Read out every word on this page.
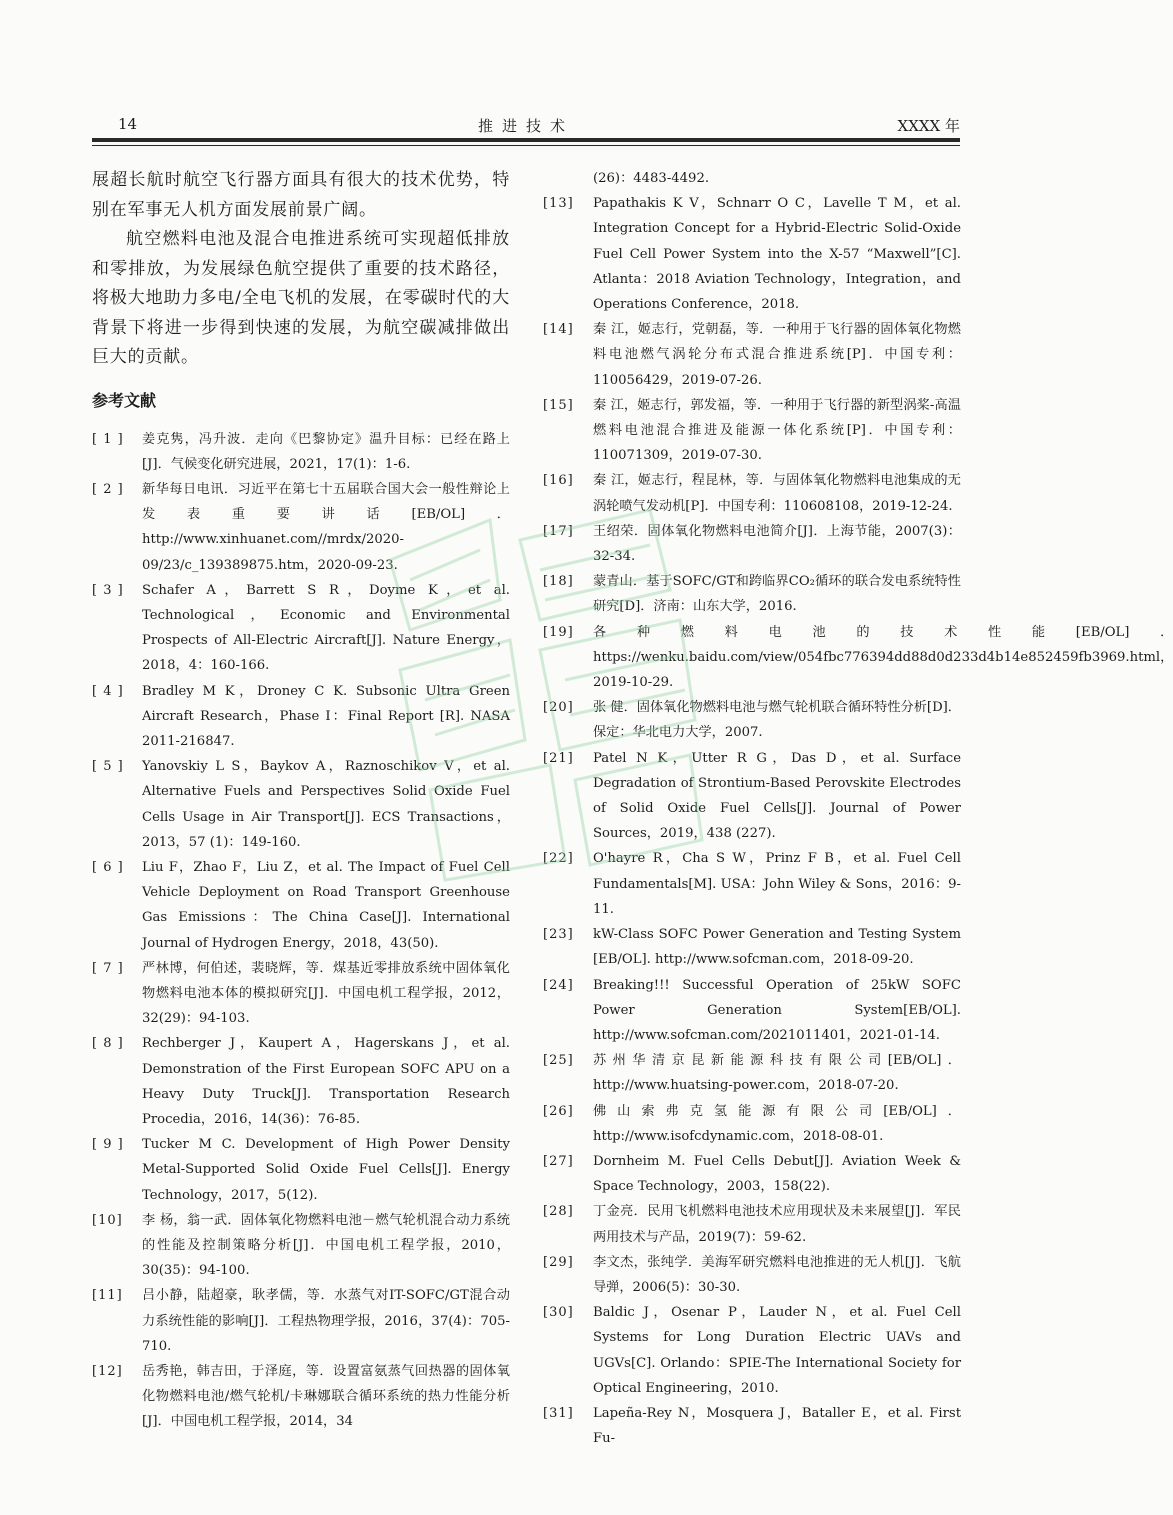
14	推进技术	XXXX 年

展超长航时航空飞行器方面具有很大的技术优势，特别在军事无人机方面发展前景广阔。

航空燃料电池及混合电推进系统可实现超低排放和零排放，为发展绿色航空提供了重要的技术路径，将极大地助力多电/全电飞机的发展，在零碳时代的大背景下将进一步得到快速的发展，为航空碳减排做出巨大的贡献。

参考文献
[ 1 ]	姜克隽，冯升波．走向《巴黎协定》温升目标：已经在路上[J]．气候变化研究进展，2021，17(1)：1-6.
[ 2 ]	新华每日电讯．习近平在第七十五届联合国大会一般性辩论上发表重要讲话[EB/OL]．http://www.xinhuanet.com//mrdx/2020-09/23/c_139389875.htm，2020-09-23.
[ 3 ]	Schafer A，Barrett S R，Doyme K，et al. Technological，Economic and Environmental Prospects of All-Electric Aircraft[J]. Nature Energy，2018，4：160-166.
[ 4 ]	Bradley M K，Droney C K. Subsonic Ultra Green Aircraft Research，Phase I：Final Report [R]. NASA 2011-216847.
[ 5 ]	Yanovskiy L S，Baykov A，Raznoschikov V，et al. Alternative Fuels and Perspectives Solid Oxide Fuel Cells Usage in Air Transport[J]. ECS Transactions，2013，57 (1)：149-160.
[ 6 ]	Liu F，Zhao F，Liu Z，et al. The Impact of Fuel Cell Vehicle Deployment on Road Transport Greenhouse Gas Emissions：The China Case[J]. International Journal of Hydrogen Energy，2018，43(50).
[ 7 ]	严林博，何伯述，裴晓辉，等．煤基近零排放系统中固体氧化物燃料电池本体的模拟研究[J]．中国电机工程学报，2012，32(29)：94-103.
[ 8 ]	Rechberger J，Kaupert A，Hagerskans J，et al. Demonstration of the First European SOFC APU on a Heavy Duty Truck[J]. Transportation Research Procedia，2016，14(36)：76-85.
[ 9 ]	Tucker M C. Development of High Power Density Metal-Supported Solid Oxide Fuel Cells[J]. Energy Technology，2017，5(12).
[10]	李 杨，翁一武．固体氧化物燃料电池－燃气轮机混合动力系统的性能及控制策略分析[J]．中国电机工程学报，2010，30(35)：94-100.
[11]	吕小静，陆超豪，耿孝儒，等．水蒸气对IT-SOFC/GT混合动力系统性能的影响[J]．工程热物理学报，2016，37(4)：705-710.
[12]	岳秀艳，韩吉田，于泽庭，等．设置富氨蒸气回热器的固体氧化物燃料电池/燃气轮机/卡琳娜联合循环系统的热力性能分析[J]．中国电机工程学报，2014，34
(26)：4483-4492.
[13]	Papathakis K V，Schnarr O C，Lavelle T M，et al. Integration Concept for a Hybrid-Electric Solid-Oxide Fuel Cell Power System into the X-57 “Maxwell”[C]. Atlanta：2018 Aviation Technology，Integration，and Operations Conference，2018.
[14]	秦 江，姬志行，党朝磊，等．一种用于飞行器的固体氧化物燃料电池燃气涡轮分布式混合推进系统[P]．中国专利：110056429，2019-07-26.
[15]	秦 江，姬志行，郭发福，等．一种用于飞行器的新型涡桨-高温燃料电池混合推进及能源一体化系统[P]．中国专利：110071309，2019-07-30.
[16]	秦 江，姬志行，程昆林，等．与固体氧化物燃料电池集成的无涡轮喷气发动机[P]．中国专利：110608108，2019-12-24.
[17]	王绍荣．固体氧化物燃料电池简介[J]．上海节能，2007(3)：32-34.
[18]	蒙青山．基于SOFC/GT和跨临界CO₂循环的联合发电系统特性研究[D]．济南：山东大学，2016.
[19]	各种燃料电池的技术性能[EB/OL]．https://wenku.baidu.com/view/054fbc776394dd88d0d233d4b14e852459fb3969.html，2019-10-29.
[20]	张 健．固体氧化物燃料电池与燃气轮机联合循环特性分析[D]．保定：华北电力大学，2007.
[21]	Patel N K，Utter R G，Das D，et al. Surface Degradation of Strontium-Based Perovskite Electrodes of Solid Oxide Fuel Cells[J]. Journal of Power Sources，2019，438 (227).
[22]	O'hayre R，Cha S W，Prinz F B，et al. Fuel Cell Fundamentals[M]. USA：John Wiley & Sons，2016：9-11.
[23]	kW-Class SOFC Power Generation and Testing System [EB/OL]. http://www.sofcman.com，2018-09-20.
[24]	Breaking!!! Successful Operation of 25kW SOFC Power Generation System[EB/OL]. http://www.sofcman.com/2021011401，2021-01-14.
[25]	苏州华清京昆新能源科技有限公司[EB/OL]．http://www.huatsing-power.com，2018-07-20.
[26]	佛山索弗克氢能源有限公司[EB/OL]．http://www.isofcdynamic.com，2018-08-01.
[27]	Dornheim M. Fuel Cells Debut[J]. Aviation Week & Space Technology，2003，158(22).
[28]	丁金亮．民用飞机燃料电池技术应用现状及未来展望[J]．军民两用技术与产品，2019(7)：59-62.
[29]	李文杰，张纯学．美海军研究燃料电池推进的无人机[J]．飞航导弹，2006(5)：30-30.
[30]	Baldic J，Osenar P，Lauder N，et al. Fuel Cell Systems for Long Duration Electric UAVs and UGVs[C]. Orlando：SPIE-The International Society for Optical Engineering，2010.
[31]	Lapeña-Rey N，Mosquera J，Bataller E，et al. First Fu-
